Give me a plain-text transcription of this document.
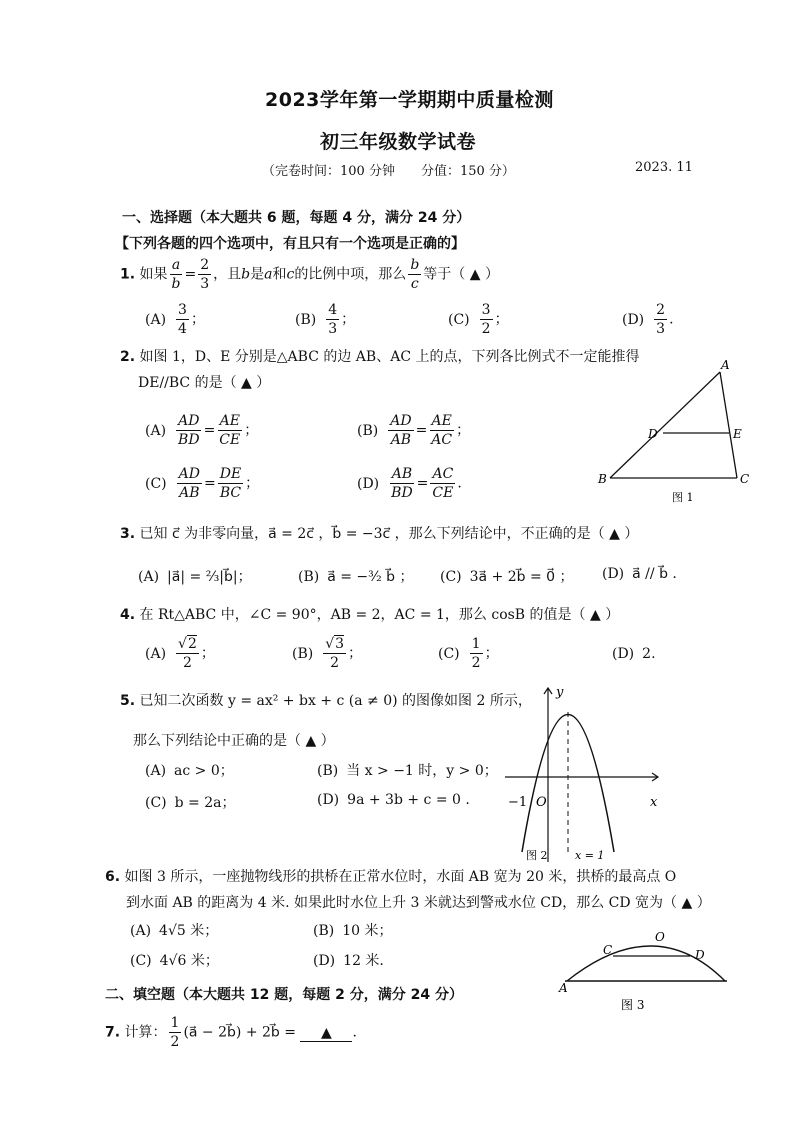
2023学年第一学期期中质量检测
初三年级数学试卷
（完卷时间：100 分钟　　分值：150 分）	2023. 11
一、选择题（本大题共 6 题，每题 4 分，满分 24 分）
【下列各题的四个选项中，有且只有一个选项是正确的】
1. 如果 $\frac{a}{b} = \frac{2}{3}$ ，且b是a和c的比例中项，那么 $\frac{b}{c}$ 等于（ ▲ ）
$(A) \frac{3}{4}$ ；	$(B) \frac{4}{3}$ ；	$(C) \frac{3}{2}$ ；	$(D) \frac{2}{3}$ .
2. 如图 1，D、E 分别是△ABC 的边 AB、AC 上的点，下列各比例式不一定能推得
DE//BC 的是（ ▲ ）
$(A) \frac{AD}{BD} = \frac{AE}{CE}$ ；	$(B) \frac{AD}{AB} = \frac{AE}{AC}$ ；
$(C) \frac{AD}{AB} = \frac{DE}{BC}$ ；	$(D) \frac{AB}{BD} = \frac{AC}{CE}$ .
A
B	C
D	E
图 1
3. 已知 c⃗ 为非零向量，a⃗ = 2c⃗ ，b⃗ = −3c⃗ ，那么下列结论中，不正确的是（ ▲ ）
(A) |a⃗| = ⅔|b⃗|；	(B) a⃗ = −³⁄₂ b⃗ ； (C) 3a⃗ + 2b⃗ = 0⃗ ； (D) a⃗ // b⃗ .
4. 在 Rt△ABC 中，∠C = 90°，AB = 2，AC = 1，那么 cosB 的值是（ ▲ ）
$(A) \frac{√2}{2}$ ；	$(B) \frac{√3}{2}$ ；	$(C) \frac{1}{2}$ ；	(D) 2.
5. 已知二次函数 y = ax² + bx + c (a ≠ 0) 的图像如图 2 所示，
那么下列结论中正确的是（ ▲ ）
(A) ac > 0；	(B) 当 x > −1 时，y > 0；
(C) b = 2a；	(D) 9a + 3b + c = 0 .
y
x
O
−1
x = 1
图 2
6. 如图 3 所示，一座抛物线形的拱桥在正常水位时，水面 AB 宽为 20 米，拱桥的最高点 O
到水面 AB 的距离为 4 米. 如果此时水位上升 3 米就达到警戒水位 CD，那么 CD 宽为（ ▲ ）
(A) 4√5 米；	(B) 10 米；
(C) 4√6 米；	(D) 12 米.
C
O
D
A
图 3
二、填空题（本大题共 12 题，每题 2 分，满分 24 分）
7. 计算： $\frac{1}{2}$ (a⃗ − 2b⃗) + 2b⃗ = ▲ .
